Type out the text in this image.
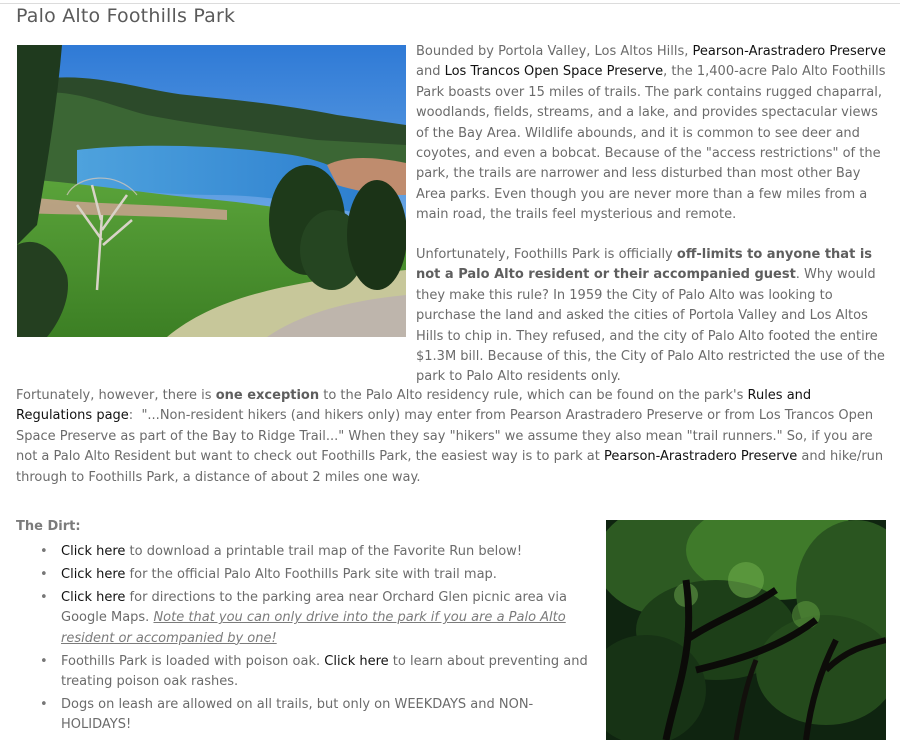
Palo Alto Foothills Park

Bounded by Portola Valley, Los Altos Hills, Pearson-Arastradero Preserve and Los Trancos Open Space Preserve, the 1,400-acre Palo Alto Foothills Park boasts over 15 miles of trails. The park contains rugged chaparral, woodlands, fields, streams, and a lake, and provides spectacular views of the Bay Area. Wildlife abounds, and it is common to see deer and coyotes, and even a bobcat. Because of the "access restrictions" of the park, the trails are narrower and less disturbed than most other Bay Area parks. Even though you are never more than a few miles from a main road, the trails feel mysterious and remote.

Unfortunately, Foothills Park is officially off-limits to anyone that is not a Palo Alto resident or their accompanied guest. Why would they make this rule? In 1959 the City of Palo Alto was looking to purchase the land and asked the cities of Portola Valley and Los Altos Hills to chip in. They refused, and the city of Palo Alto footed the entire $1.3M bill. Because of this, the City of Palo Alto restricted the use of the park to Palo Alto residents only.

Fortunately, however, there is one exception to the Palo Alto residency rule, which can be found on the park's Rules and Regulations page:  "...Non-resident hikers (and hikers only) may enter from Pearson Arastradero Preserve or from Los Trancos Open Space Preserve as part of the Bay to Ridge Trail..." When they say "hikers" we assume they also mean "trail runners." So, if you are not a Palo Alto Resident but want to check out Foothills Park, the easiest way is to park at Pearson-Arastradero Preserve and hike/run through to Foothills Park, a distance of about 2 miles one way.

The Dirt:

• Click here to download a printable trail map of the Favorite Run below!
• Click here for the official Palo Alto Foothills Park site with trail map.
• Click here for directions to the parking area near Orchard Glen picnic area via Google Maps. Note that you can only drive into the park if you are a Palo Alto resident or accompanied by one!
• Foothills Park is loaded with poison oak. Click here to learn about preventing and treating poison oak rashes.
• Dogs on leash are allowed on all trails, but only on WEEKDAYS and NON-HOLIDAYS!
